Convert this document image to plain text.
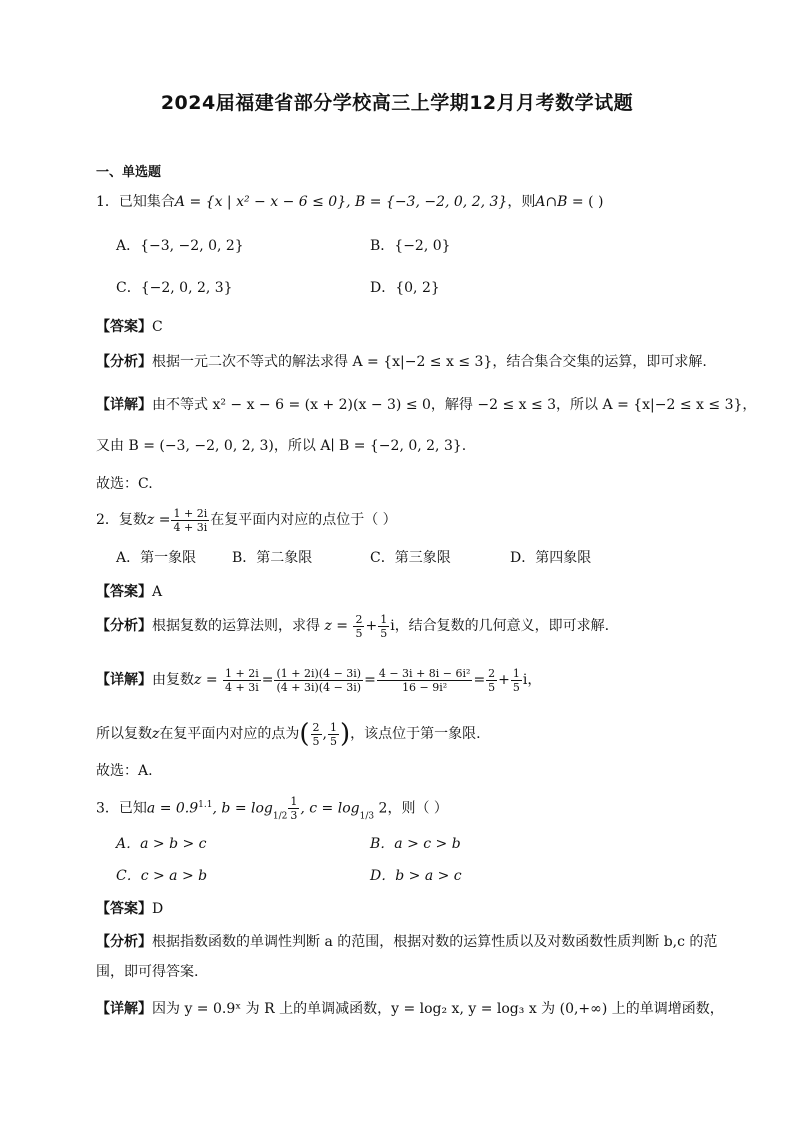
2024届福建省部分学校高三上学期12月月考数学试题
一、单选题
1．已知集合A = {x | x² − x − 6 ≤ 0}, B = {−3, −2, 0, 2, 3}，则A∩B = ( )
A．{−3, −2, 0, 2}	B．{−2, 0}
C．{−2, 0, 2, 3}	D．{0, 2}
【答案】C
【分析】根据一元二次不等式的解法求得 A = {x|−2 ≤ x ≤ 3}，结合集合交集的运算，即可求解.
【详解】由不等式 x² − x − 6 = (x + 2)(x − 3) ≤ 0，解得 −2 ≤ x ≤ 3，所以 A = {x|−2 ≤ x ≤ 3}，
又由 B = (−3, −2, 0, 2, 3)，所以 A∣ B = {−2, 0, 2, 3}.
故选：C.
2．复数$z = \frac{1 + 2i}{4 + 3i}$ 在复平面内对应的点位于（ ）
A．第一象限	B．第二象限	C．第三象限	D．第四象限
【答案】A
【分析】根据复数的运算法则，求得 $z = \frac{2}{5} + \frac{1}{5}$ i，结合复数的几何意义，即可求解.
【详解】由复数$z = \frac{1 + 2i}{4 + 3i} = \frac{(1 + 2i)(4 - 3i)}{(4 + 3i)(4 - 3i)} = \frac{\text{4 − 3i + 8i − 6i²}}{\text{16 − 9i²}} = \frac{2}{5} + \frac{1}{5}$ i，
所以复数z在复平面内对应的点为( $\frac{2}{5}$ , $\frac{1}{5}$ )，该点位于第一象限.
故选：A.
3．已知$a = 0.9^{1.1}$, $b = \log_{1/2} \frac{1}{3}$ , $c = \log_{1/3} 2$，则（ ）
A．a > b > c	B．a > c > b
C．c > a > b	D．b > a > c
【答案】D
【分析】根据指数函数的单调性判断 a 的范围，根据对数的运算性质以及对数函数性质判断 b,c 的范
围，即可得答案.
【详解】因为 y = 0.9ˣ 为 R 上的单调减函数，y = log₂ x, y = log₃ x 为 (0,+∞) 上的单调增函数，
